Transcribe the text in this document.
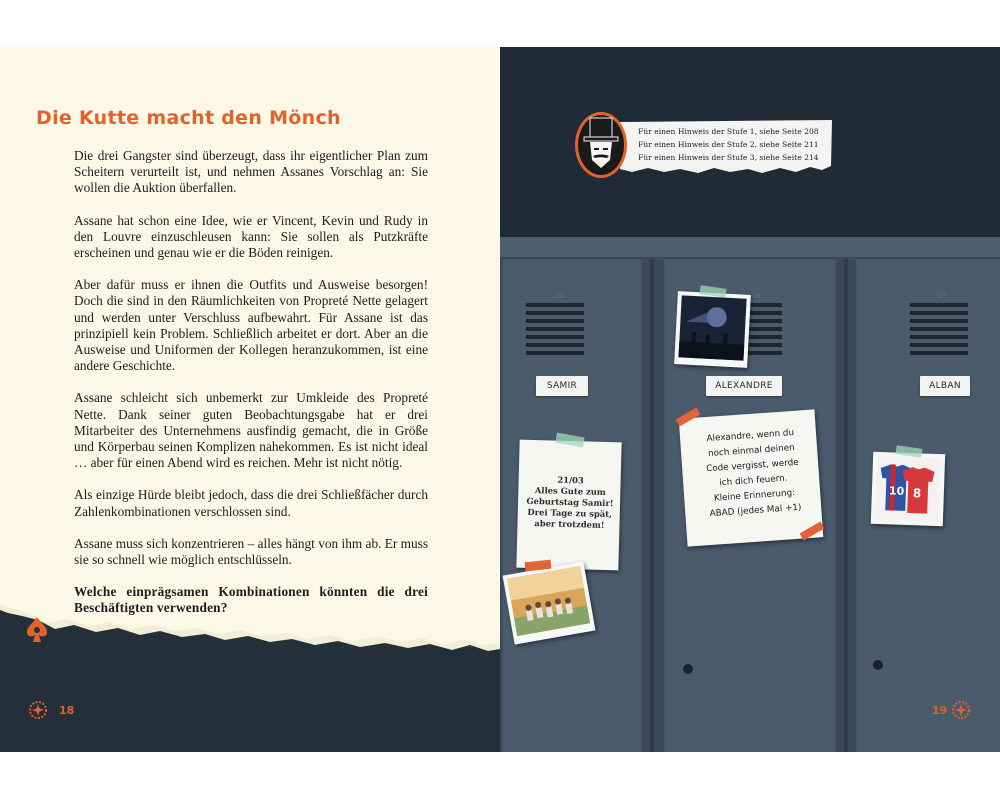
Die Kutte macht den Mönch

Die drei Gangster sind überzeugt, dass ihr eigentlicher Plan zum Scheitern verurteilt ist, und nehmen Assanes Vorschlag an: Sie wollen die Auktion überfallen.

Assane hat schon eine Idee, wie er Vincent, Kevin und Rudy in den Louvre einzuschleusen kann: Sie sollen als Putzkräfte erscheinen und genau wie er die Böden reinigen.

Aber dafür muss er ihnen die Outfits und Ausweise besorgen! Doch die sind in den Räumlichkeiten von Propreté Nette gelagert und werden unter Verschluss aufbewahrt. Für Assane ist das prinzipiell kein Problem. Schließlich arbeitet er dort. Aber an die Ausweise und Uniformen der Kollegen heranzukommen, ist eine andere Geschichte.

Assane schleicht sich unbemerkt zur Umkleide des Propreté Nette. Dank seiner guten Beobachtungsgabe hat er drei Mitarbeiter des Unternehmens ausfindig gemacht, die in Größe und Körperbau seinen Komplizen nahekommen. Es ist nicht ideal … aber für einen Abend wird es reichen. Mehr ist nicht nötig.

Als einzige Hürde bleibt jedoch, dass die drei Schließfächer durch Zahlenkombinationen verschlossen sind.

Assane muss sich konzentrieren – alles hängt von ihm ab. Er muss sie so schnell wie möglich entschlüsseln.

Welche einprägsamen Kombinationen könnten die drei Beschäftigten verwenden?

18
29	28	27
SAMIR	ALEXANDRE	ALBAN
Für einen Hinweis der Stufe 1, siehe Seite 208
Für einen Hinweis der Stufe 2, siehe Seite 211
Für einen Hinweis der Stufe 3, siehe Seite 214
21/03
Alles Gute zum
Geburtstag Samir!
Drei Tage zu spät,
aber trotzdem!
Alexandre, wenn du
noch einmal deinen
Code vergisst, werde
ich dich feuern.
Kleine Erinnerung:
ABAD (jedes Mal +1)
8
10
19
